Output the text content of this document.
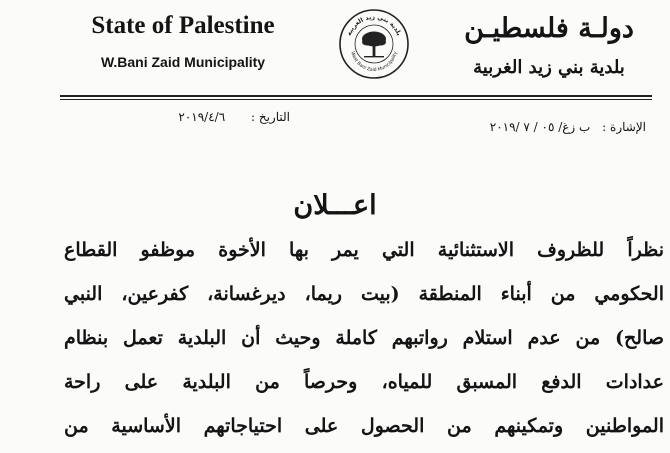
State of Palestine
W.Bani Zaid Municipality
بلدية بني زيد الغربية
West Bani Zaid Municipality
دولـة فلسطيـن
بلدية بني زيد الغربية
التاريخ : ٢٠١٩/٤/٦
الإشارة : ب زغ/ ٠٥ / ٧ /٢٠١٩
اعـــلان
نظراً للظروف الاستثنائية التي يمر بها الأخوة موظفو القطاع
الحكومي من أبناء المنطقة (بيت ريما، ديرغسانة، كفرعين، النبي
صالح) من عدم استلام رواتبهم كاملة وحيث أن البلدية تعمل بنظام
عدادات الدفع المسبق للمياه، وحرصاً من البلدية على راحة
المواطنين وتمكينهم من الحصول على احتياجاتهم الأساسية من
